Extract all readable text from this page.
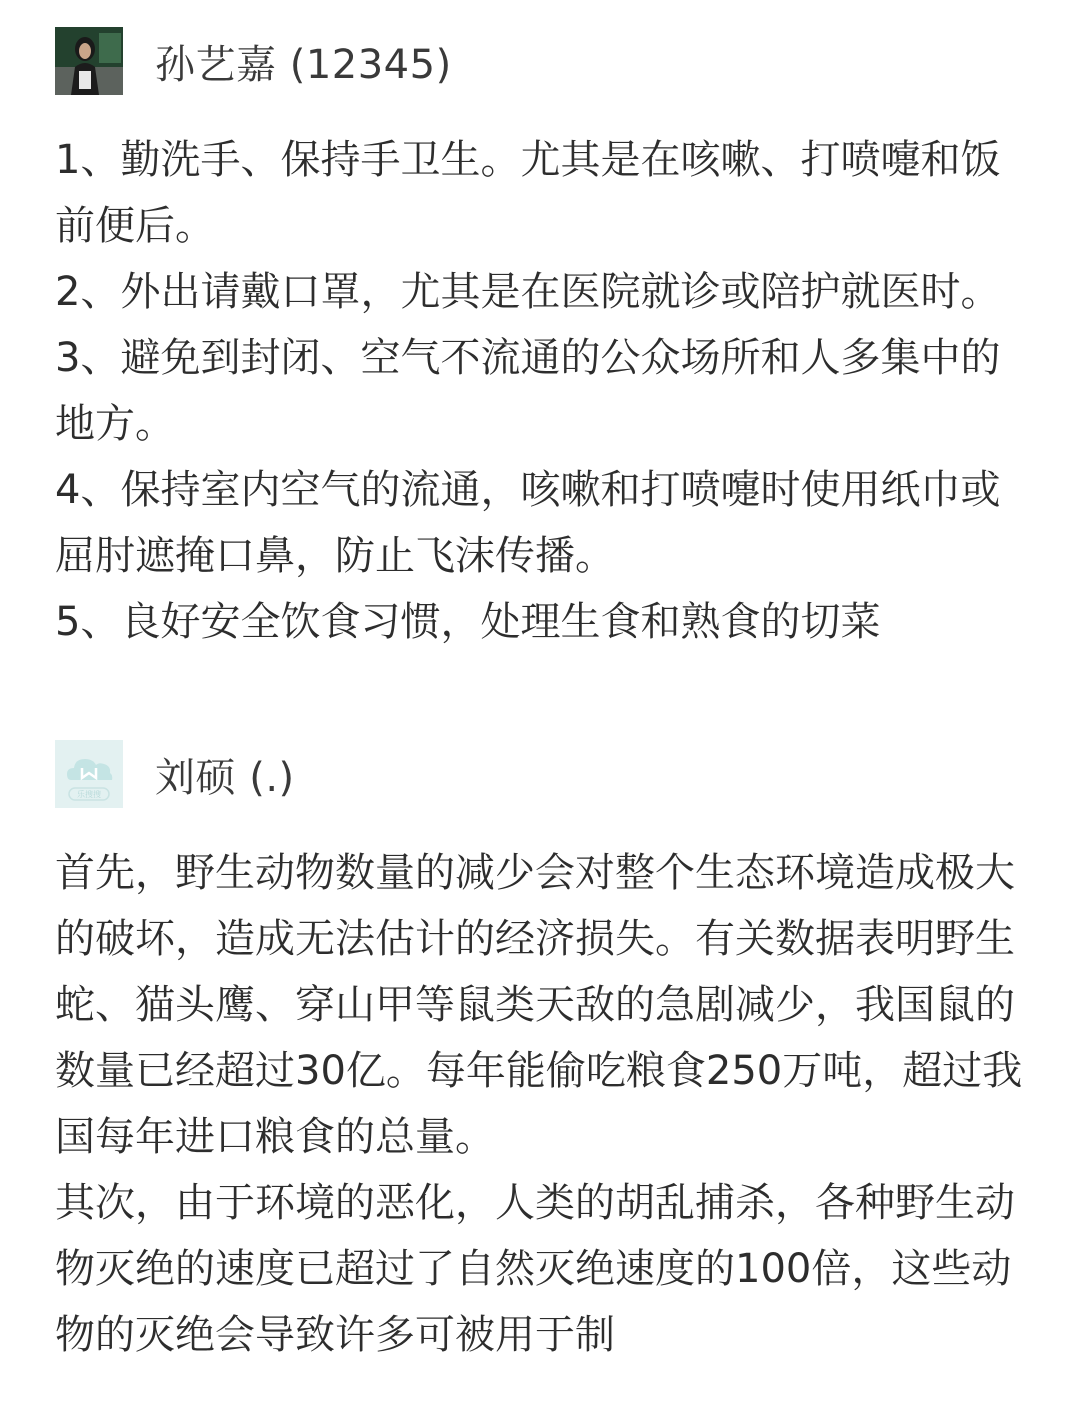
孙艺嘉 (12345)

1、勤洗手、保持手卫生。尤其是在咳嗽、打喷嚏和饭前便后。

2、外出请戴口罩，尤其是在医院就诊或陪护就医时。

3、避免到封闭、空气不流通的公众场所和人多集中的地方。

4、保持室内空气的流通，咳嗽和打喷嚏时使用纸巾或屈肘遮掩口鼻，防止飞沫传播。

5、良好安全饮食习惯，处理生食和熟食的切菜

乐搜搜 刘硕 (.)

首先，野生动物数量的减少会对整个生态环境造成极大的破坏，造成无法估计的经济损失。有关数据表明野生蛇、猫头鹰、穿山甲等鼠类天敌的急剧减少，我国鼠的数量已经超过30亿。每年能偷吃粮食250万吨，超过我国每年进口粮食的总量。

其次，由于环境的恶化，人类的胡乱捕杀，各种野生动物灭绝的速度已超过了自然灭绝速度的100倍，这些动物的灭绝会导致许多可被用于制
